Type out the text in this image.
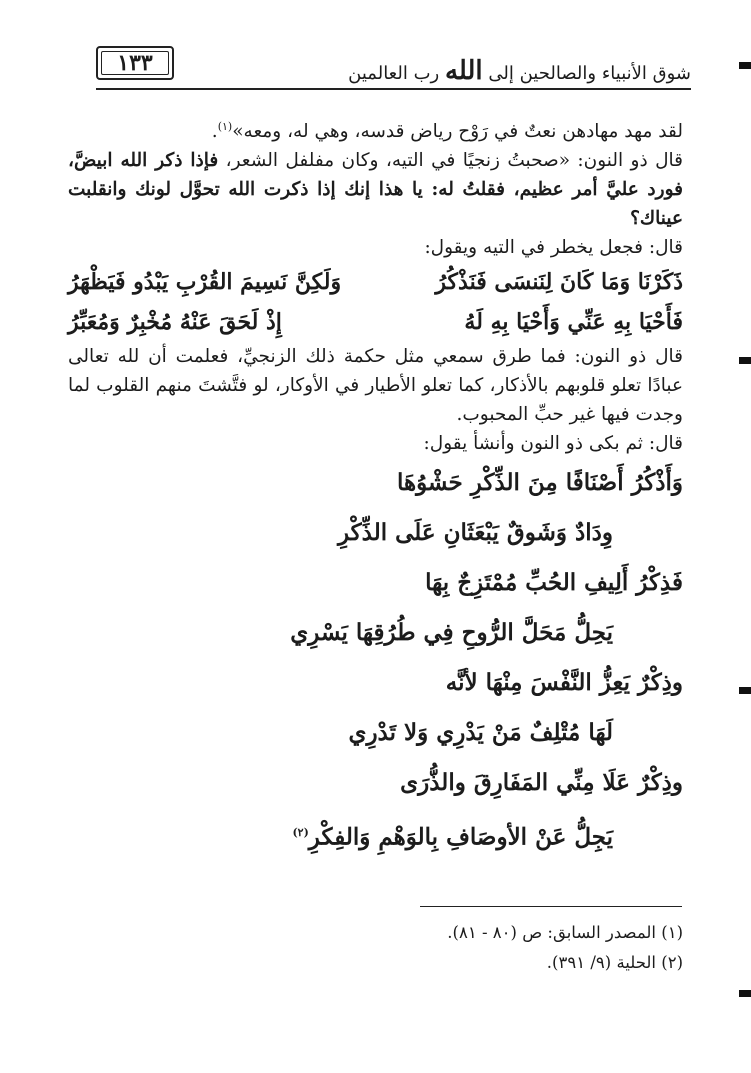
١٣٣	شوق الأنبياء والصالحين إلى الله رب العالمين

لقد مهد مهادهن نعتٌ في رَوْح رياض قدسه، وهي له، ومعه»$^{(١)}$.

قال ذو النون: «صحبتُ زنجيًا في التيه، وكان مفلفل الشعر، فإذا ذكر الله ابيضَّ، فورد عليَّ أمر عظيم، فقلتُ له: يا هذا إنك إذا ذكرت الله تحوَّل لونك وانقلبت عيناك؟

قال: فجعل يخطر في التيه ويقول:

ذَكَرْنَا وَمَا كَانَ لِنَنسَى فَنَذْكُرُ
وَلَكِنَّ نَسِيمَ القُرْبِ يَبْدُو فَيَظْهَرُ
فَأَحْيَا بِهِ عَنِّي وَأَحْيَا بِهِ لَهُ
إِذْ لَحَقَ عَنْهُ مُخْبِرٌ وَمُعَبِّرُ

قال ذو النون: فما طرق سمعي مثل حكمة ذلك الزنجيِّ، فعلمت أن لله تعالى عبادًا تعلو قلوبهم بالأذكار، كما تعلو الأطيار في الأوكار، لو فتَّشتَ منهم القلوب لما وجدت فيها غير حبِّ المحبوب.

قال: ثم بكى ذو النون وأنشأ يقول:

وَأَذْكُرُ أَصْنَافًا مِنَ الذِّكْرِ حَشْوُهَا
وِدَادٌ وَشَوقٌ يَبْعَثَانِ عَلَى الذِّكْرِ
فَذِكْرُ أَلِيفِ الحُبِّ مُمْتَزِجٌ بِهَا
يَحِلُّ مَحَلَّ الرُّوحِ فِي طُرُقِهَا يَسْرِي
وذِكْرٌ يَعِزُّ النَّفْسَ مِنْهَا لأنَّه
لَهَا مُتْلِفٌ مَنْ يَدْرِي وَلا تَدْرِي
وذِكْرٌ عَلَا مِنِّي المَفَارِقَ والذُّرَى
يَجِلُّ عَنْ الأوصَافِ بِالوَهْمِ وَالفِكْرِ$^{(٢)}$
(١) المصدر السابق: ص (٨٠ - ٨١).
(٢) الحلية (٩/ ٣٩١).
